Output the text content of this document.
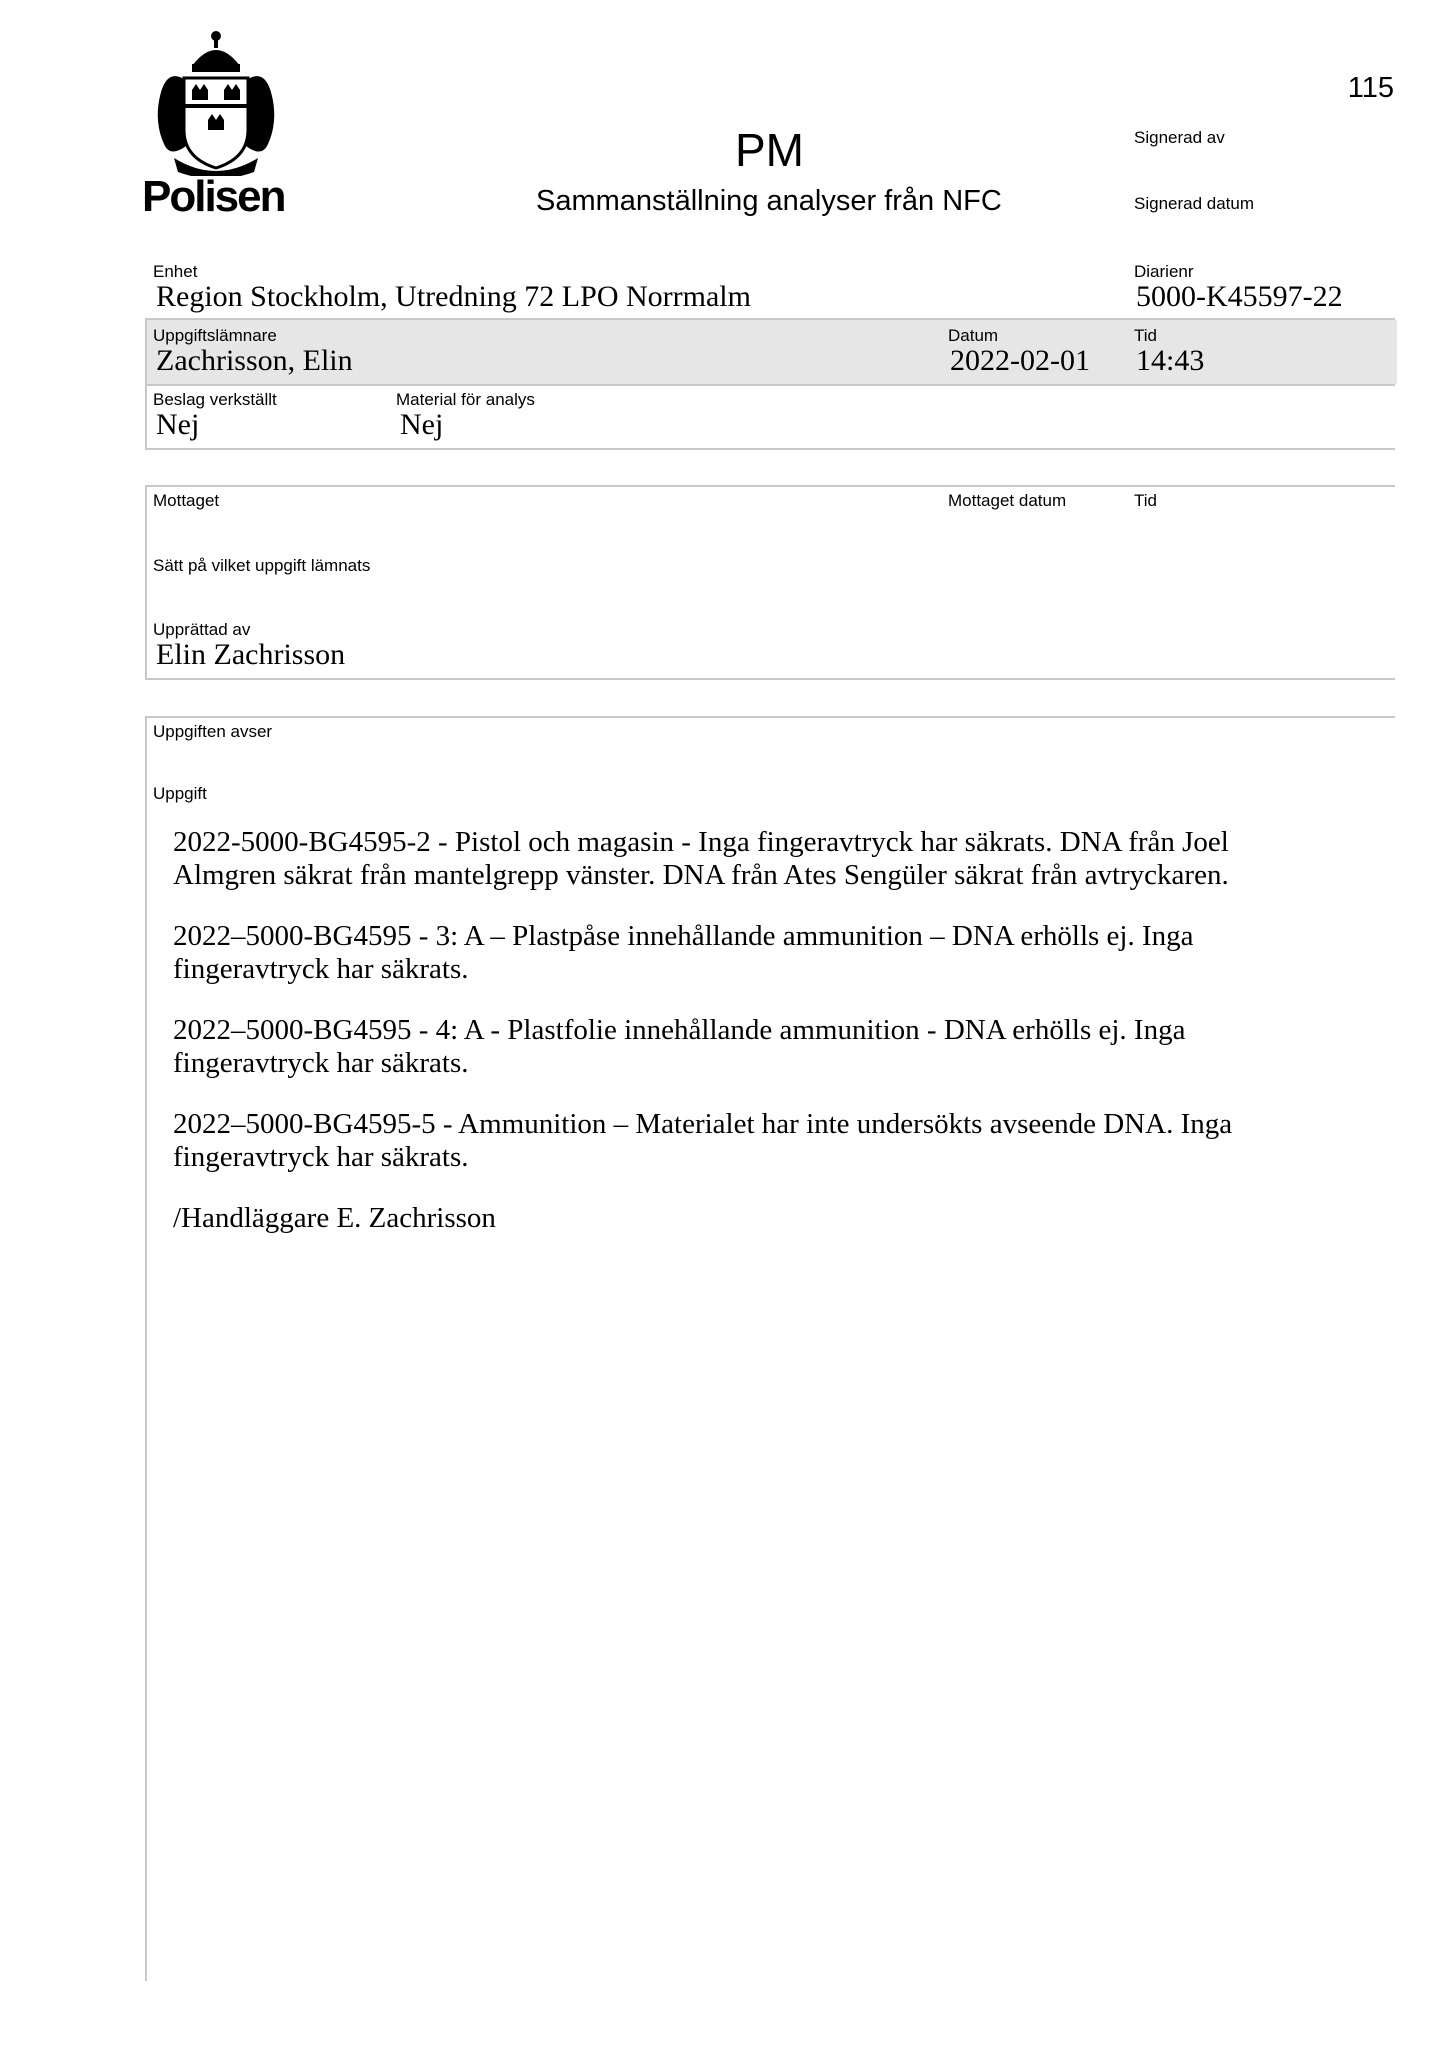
115
Polisen
PM
Sammanställning analyser från NFC
Signerad av
Signerad datum
Enhet
Region Stockholm, Utredning 72 LPO Norrmalm
Diarienr
5000-K45597-22
Uppgiftslämnare
Zachrisson, Elin
Datum
2022-02-01
Tid
14:43
Beslag verkställt
Nej
Material för analys
Nej
Mottaget	Mottaget datum	Tid
Sätt på vilket uppgift lämnats
Upprättad av
Elin Zachrisson
Uppgiften avser
Uppgift

2022-5000-BG4595-2 - Pistol och magasin - Inga fingeravtryck har säkrats. DNA från Joel
Almgren säkrat från mantelgrepp vänster. DNA från Ates Sengüler säkrat från avtryckaren.

2022–5000-BG4595 - 3: A – Plastpåse innehållande ammunition – DNA erhölls ej. Inga
fingeravtryck har säkrats.

2022–5000-BG4595 - 4: A - Plastfolie innehållande ammunition - DNA erhölls ej. Inga
fingeravtryck har säkrats.

2022–5000-BG4595-5 - Ammunition – Materialet har inte undersökts avseende DNA. Inga
fingeravtryck har säkrats.

/Handläggare E. Zachrisson
